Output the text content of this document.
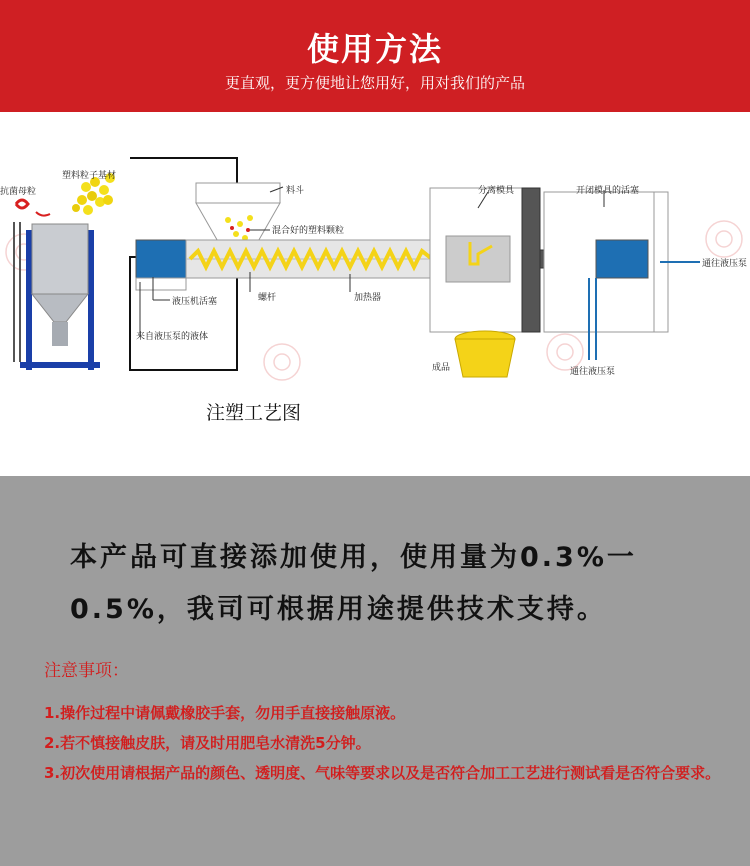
使用方法
更直观，更方便地让您用好，用对我们的产品
抗菌母粒
塑料粒子基材
料斗
混合好的塑料颗粒
液压机活塞
来自液压泵的液体
螺杆	加热器
分离模具	开闭模具的活塞
通往液压泵
通往液压泵
成品
注塑工艺图
本产品可直接添加使用，使用量为0.3%一0.5%，我司可根据用途提供技术支持。
注意事项：
1.操作过程中请佩戴橡胶手套，勿用手直接接触原液。
2.若不慎接触皮肤，请及时用肥皂水清洗5分钟。
3.初次使用请根据产品的颜色、透明度、气味等要求以及是否符合加工工艺进行测试看是否符合要求。
